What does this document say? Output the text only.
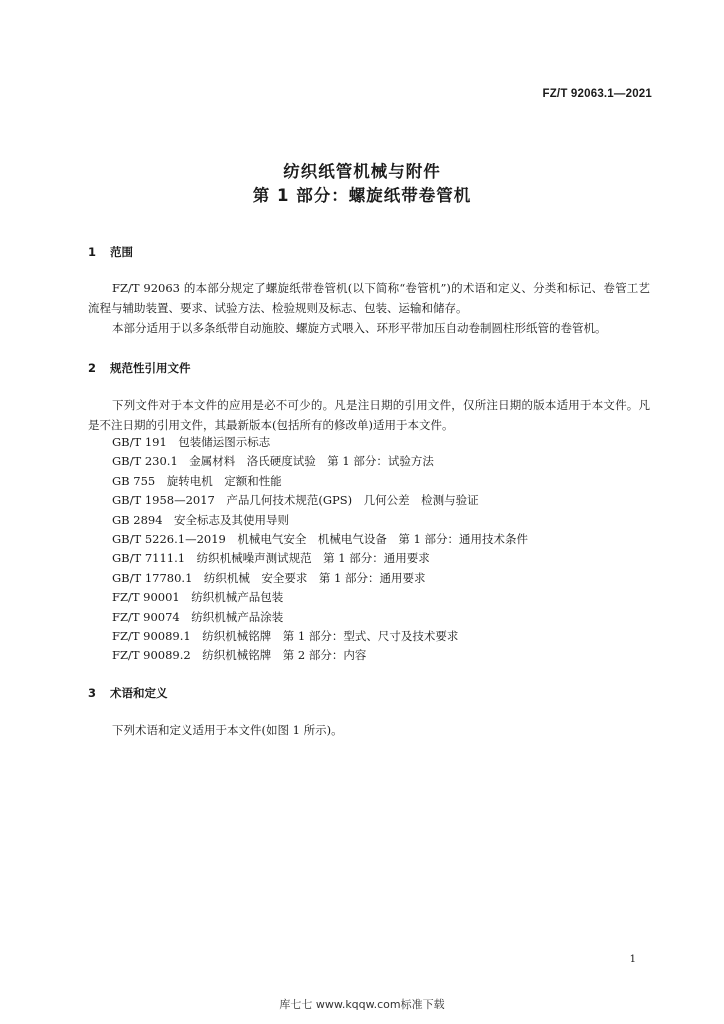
FZ/T 92063.1—2021
纺织纸管机械与附件
第 1 部分：螺旋纸带卷管机
1 范围

FZ/T 92063 的本部分规定了螺旋纸带卷管机(以下简称“卷管机”)的术语和定义、分类和标记、卷管工艺流程与辅助装置、要求、试验方法、检验规则及标志、包装、运输和储存。

本部分适用于以多条纸带自动施胶、螺旋方式喂入、环形平带加压自动卷制圆柱形纸管的卷管机。

2 规范性引用文件

下列文件对于本文件的应用是必不可少的。凡是注日期的引用文件，仅所注日期的版本适用于本文件。凡是不注日期的引用文件，其最新版本(包括所有的修改单)适用于本文件。

GB/T 191　包装储运图示标志
GB/T 230.1　金属材料　洛氏硬度试验　第 1 部分：试验方法
GB 755　旋转电机　定额和性能
GB/T 1958—2017　产品几何技术规范(GPS)　几何公差　检测与验证
GB 2894　安全标志及其使用导则
GB/T 5226.1—2019　机械电气安全　机械电气设备　第 1 部分：通用技术条件
GB/T 7111.1　纺织机械噪声测试规范　第 1 部分：通用要求
GB/T 17780.1　纺织机械　安全要求　第 1 部分：通用要求
FZ/T 90001　纺织机械产品包装
FZ/T 90074　纺织机械产品涂装
FZ/T 90089.1　纺织机械铭牌　第 1 部分：型式、尺寸及技术要求
FZ/T 90089.2　纺织机械铭牌　第 2 部分：内容
3 术语和定义

下列术语和定义适用于本文件(如图 1 所示)。

1
库七七 www.kqqw.com标准下载
